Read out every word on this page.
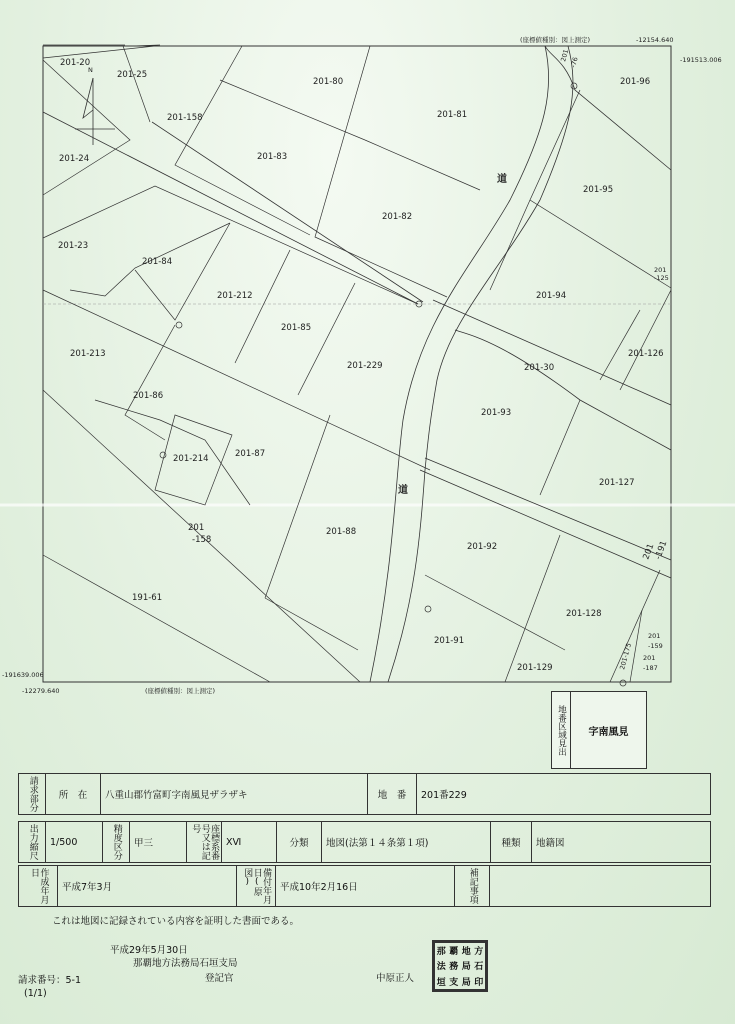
N
(座標値種別：図上測定)	-12154.640
-191513.006
-191639.006
-12279.640	(座標値種別：図上測定)
道
道
201-20
201-25
201-80	201-96
201-158	201-81
201-24	201-83
201-95
201-82
201-23
201-84
201-212	201-94
201-85
201-213
201-229
201-126
201-30
201-86
201-93
201-214	201-87
201-127
201
-158
201-88
201-92
191-61
201-128
201-91
201-129
201
-125
201
-159
201
-187
201
-191
201-175
201 -76
地番区域見出	字南風見
請求部分	所　在	八重山郡竹富町字南風見ザラザキ	地　番	201番229
出力縮尺	1/500	精度区分	甲三	座標系番号又は記号	XⅥ	分類	地図(法第１４条第１項)	種類	地籍図
作成年月日	平成7年3月	備付年月日(原図)	平成10年2月16日	補記事項	
これは地図に記録されている内容を証明した書面である。
平成29年5月30日
那覇地方法務局石垣支局
登記官	中原正人
請求番号：5-1
(1/1)
那 覇 地 方
法 務 局 石
垣 支 局 印
